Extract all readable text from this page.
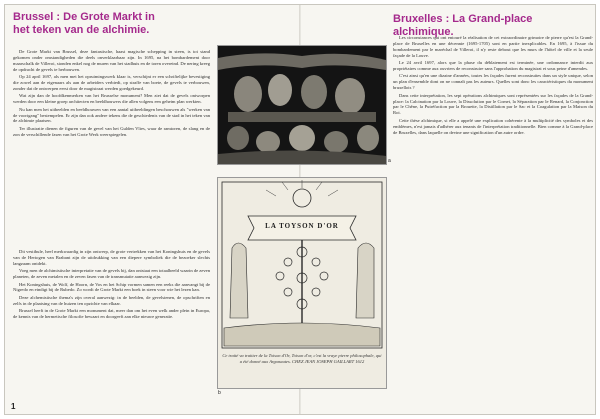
Brussel : De Grote Markt in het teken van de alchimie.

De Grote Markt van Brussel, deze fantastische, haast magische schepping in steen, is tot stand gekomen onder omstandigheden die deels onverklaarbaar zijn. In 1695, na het bombardement door maarschalk de Villeroi, stonden enkel nog de muren van het stadhuis en de toren overeind. De nering kreeg de opdracht de gevels te herbouwen.

Op 24 april 1697, als men met het opruimingswerk klaar is, verschijnt er een schriftelijke bevestiging die zowel aan de eigenaars als aan de arbeiders verbiedt, op straffe van boete, de gevels te verbouwen, zonder dat de ontwerpen eerst door de magistraat werden goedgekeurd.

Wat zijn dan de hoofdkenmerken van het Brusselse monument? Men ziet dat de gevels ontworpen werden door een kleine groep architecten en beeldhouwers die allen volgens een geheim plan werkten.

Nu kan men het uitbeelden en beeldhouwen van een aantal uitbeeldingen beschouwen als "werken van de voortgang" bestempelen. Er zijn dan ook andere tekens die de geschiedenis van de stad in het teken van de alchimie plaatsen.

Ter illustratie dienen de figuren van de gevel van het Gulden Vlies, waar de ramtoren, de slang en de zon de verschillende fasen van het Grote Werk weerspiegelen.

Dit vestibule, heel merkwaardig in zijn ontwerp, de grote vertrekken van het Koningshuis en de gevels van de Hertogen van Brabant zijn de uitdrukking van een diepere symboliek die de bezoeker slechts langzaam ontdekt.

Voeg men de alchimistische interpretatie van de gevels bij, dan ontstaat een totaalbeeld waarin de zeven planeten, de zeven metalen en de zeven fasen van de transmutatie aanwezig zijn.

Het Koningshuis, de Wolf, de Hoorn, de Vos en het Schip vormen samen een reeks die aanvangt bij de Nigredo en eindigt bij de Rubedo. Zo wordt de Grote Markt een boek in steen voor wie het lezen kan.

Deze alchemistische thema's zijn overal aanwezig: in de beelden, de gevelstenen, de opschriften en zelfs in de plaatsing van de huizen ten opzichte van elkaar.

Brussel heeft in de Grote Markt een monument dat, meer dan om het even welk ander plein in Europa, de kennis van de hermetische filosofie bewaart en doorgeeft aan elke nieuwe generatie.

a
LA TOYSON D'OR
Ce traité va traitter de la Toison d'Or, Toison d'or, c'est la vraye pierre philosophale, qui a été donné aux Argonautes. CHEZ JEAN JOSEPH GAILLART 1612
b
Bruxelles : La Grand-place alchimique.

Les circonstances qui ont entouré la réalisation de cet extraordinaire grimoire de pierre qu'est la Grand-place de Bruxelles en une décennie (1695-1705) sont en partie inexplicables. En 1695, à l'issue du bombardement par le maréchal de Villeroi, il n'y reste debout que les murs de l'hôtel de ville et la seule façade de la Louve.

Le 24 avril 1697, alors que la phase du déblaiement est terminée, une ordonnance interdit aux propriétaires comme aux ouvriers de reconstruire sans l'approbation du magistrat et sous peine d'amendes.

C'est ainsi qu'en une dizaine d'années, toutes les façades furent reconstruites dans un style unique, selon un plan d'ensemble dont on ne connaît pas les auteurs. Quelles sont donc les caractéristiques du monument bruxellois ?

Dans cette interprétation, les sept opérations alchimiques sont représentées sur les façades de la Grand-place: la Calcination par la Louve, la Dissolution par le Cornet, la Séparation par le Renard, la Conjonction par le Chêne, la Putréfaction par la Brouette, la Distillation par le Sac et la Coagulation par la Maison du Roi.

Cette thèse alchimique, si elle a appelé une explication cohérente à la multiplicité des symboles et des emblèmes, n'est jamais d'adhérer aux tenants de l'interprétation traditionnelle. Bien comme à la Grand-place de Bruxelles, dans laquelle on devine une signification d'un autre ordre.

1
